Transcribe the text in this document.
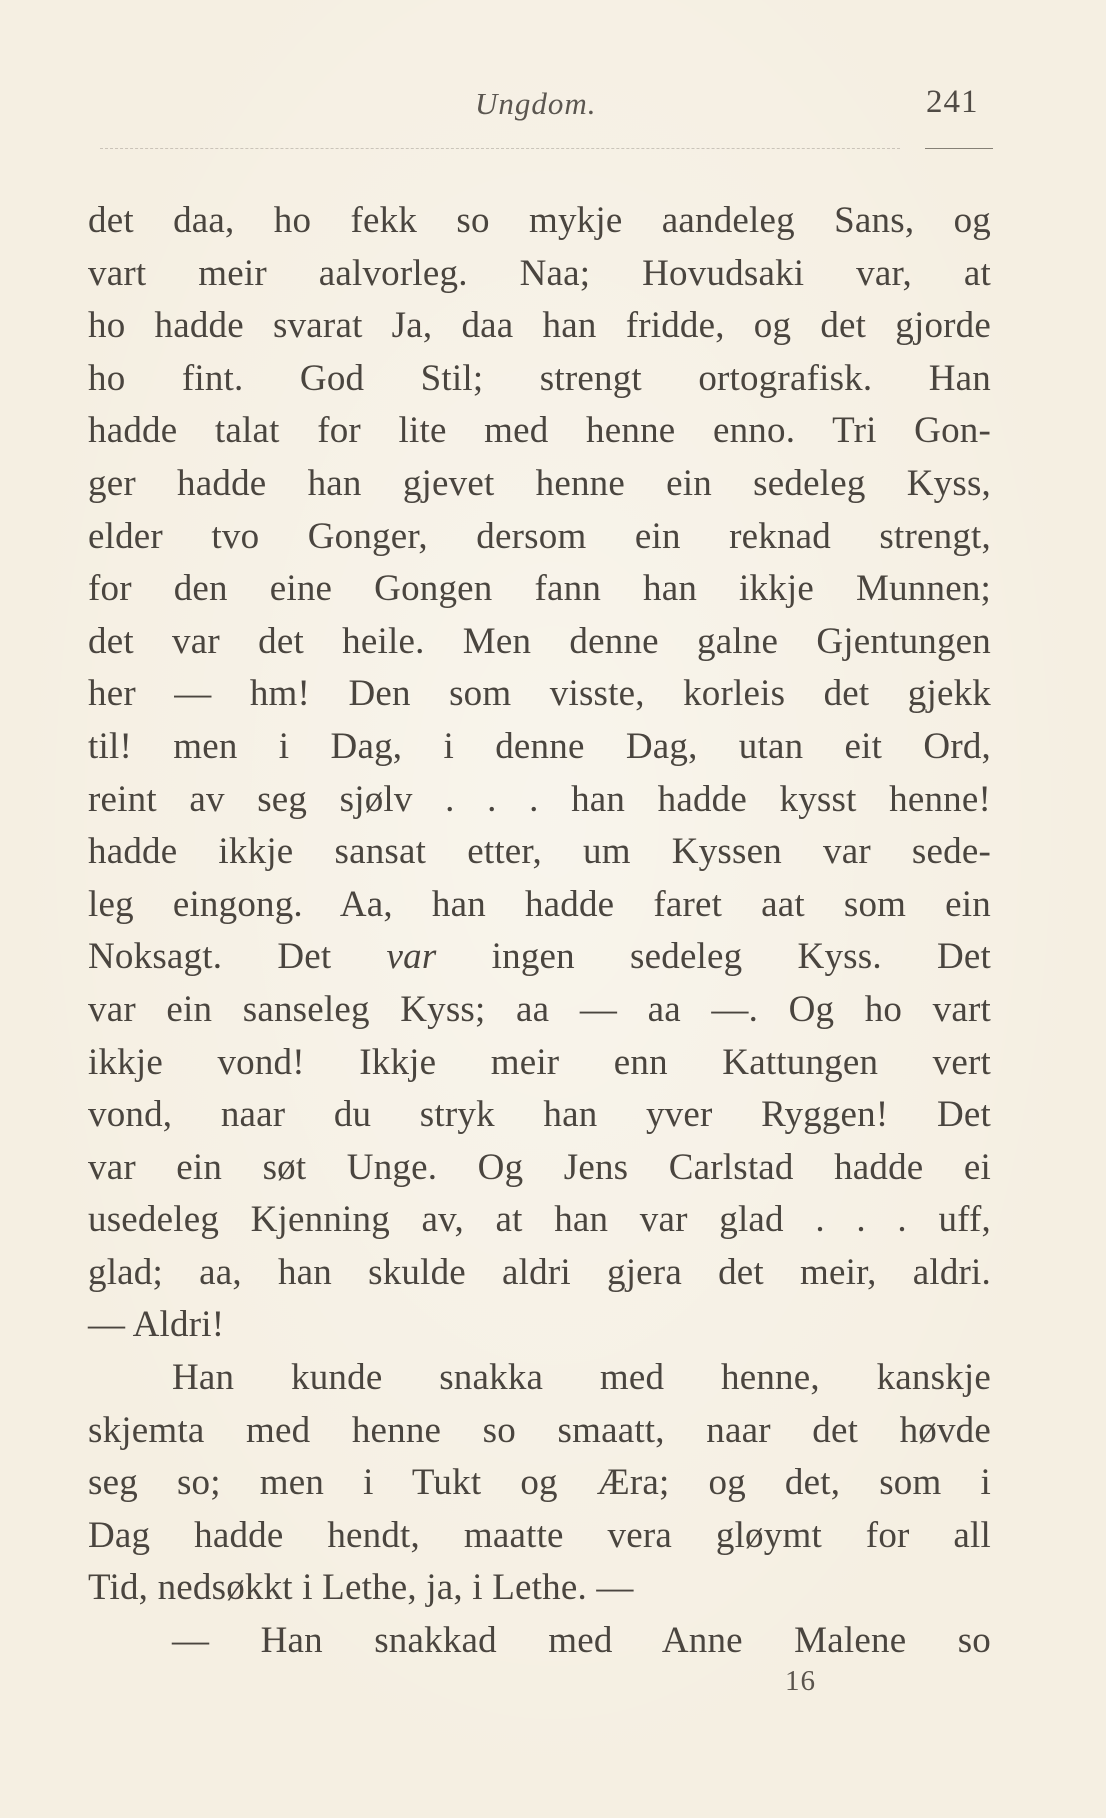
Ungdom.	241
det daa, ho fekk so mykje aandeleg Sans, og
vart meir aalvorleg. Naa; Hovudsaki var, at
ho hadde svarat Ja, daa han fridde, og det gjorde
ho fint. God Stil; strengt ortografisk. Han
hadde talat for lite med henne enno. Tri Gon-
ger hadde han gjevet henne ein sedeleg Kyss,
elder tvo Gonger, dersom ein reknad strengt,
for den eine Gongen fann han ikkje Munnen;
det var det heile. Men denne galne Gjentungen
her — hm! Den som visste, korleis det gjekk
til! men i Dag, i denne Dag, utan eit Ord,
reint av seg sjølv . . . han hadde kysst henne!
hadde ikkje sansat etter, um Kyssen var sede-
leg eingong. Aa, han hadde faret aat som ein
Noksagt. Det var ingen sedeleg Kyss. Det
var ein sanseleg Kyss; aa — aa —. Og ho vart
ikkje vond! Ikkje meir enn Kattungen vert
vond, naar du stryk han yver Ryggen! Det
var ein søt Unge. Og Jens Carlstad hadde ei
usedeleg Kjenning av, at han var glad . . . uff,
glad; aa, han skulde aldri gjera det meir, aldri.
— Aldri!
Han kunde snakka med henne, kanskje
skjemta med henne so smaatt, naar det høvde
seg so; men i Tukt og Æra; og det, som i
Dag hadde hendt, maatte vera gløymt for all
Tid, nedsøkkt i Lethe, ja, i Lethe. —
— Han snakkad med Anne Malene so
16
